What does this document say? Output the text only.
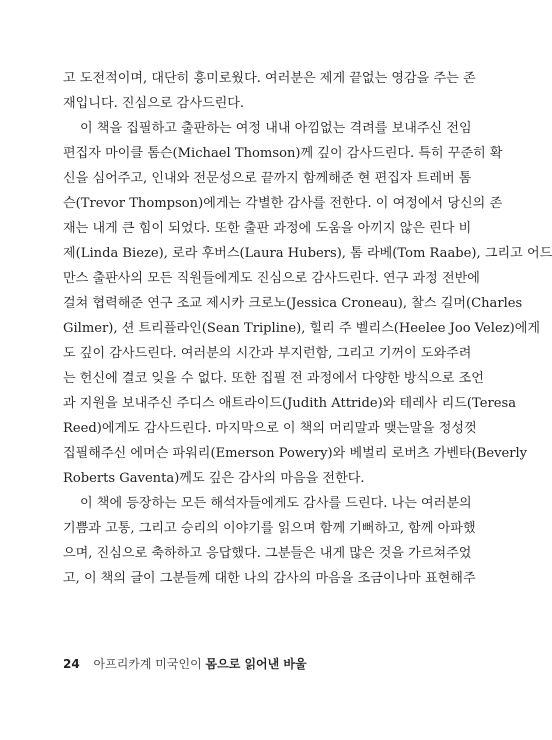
고 도전적이며, 대단히 흥미로웠다. 여러분은 제게 끝없는 영감을 주는 존
재입니다. 진심으로 감사드린다.
이 책을 집필하고 출판하는 여정 내내 아낌없는 격려를 보내주신 전임
편집자 마이클 톰슨(Michael Thomson)께 깊이 감사드린다. 특히 꾸준히 확
신을 심어주고, 인내와 전문성으로 끝까지 함께해준 현 편집자 트레버 톰
슨(Trevor Thompson)에게는 각별한 감사를 전한다. 이 여정에서 당신의 존
재는 내게 큰 힘이 되었다. 또한 출판 과정에 도움을 아끼지 않은 린다 비
제(Linda Bieze), 로라 후버스(Laura Hubers), 톰 라베(Tom Raabe), 그리고 어드
만스 출판사의 모든 직원들에게도 진심으로 감사드린다. 연구 과정 전반에
걸쳐 협력해준 연구 조교 제시카 크로노(Jessica Croneau), 찰스 길머(Charles
Gilmer), 션 트리플라인(Sean Tripline), 힐리 주 벨리스(Heelee Joo Velez)에게
도 깊이 감사드린다. 여러분의 시간과 부지런함, 그리고 기꺼이 도와주려
는 헌신에 결코 잊을 수 없다. 또한 집필 전 과정에서 다양한 방식으로 조언
과 지원을 보내주신 주디스 애트라이드(Judith Attride)와 테레사 리드(Teresa
Reed)에게도 감사드린다. 마지막으로 이 책의 머리말과 맺는말을 정성껏
집필해주신 에머슨 파워리(Emerson Powery)와 베벌리 로버츠 가벤타(Beverly
Roberts Gaventa)께도 깊은 감사의 마음을 전한다.
이 책에 등장하는 모든 해석자들에게도 감사를 드린다. 나는 여러분의
기쁨과 고통, 그리고 승리의 이야기를 읽으며 함께 기뻐하고, 함께 아파했
으며, 진심으로 축하하고 응답했다. 그분들은 내게 많은 것을 가르쳐주었
고, 이 책의 글이 그분들께 대한 나의 감사의 마음을 조금이나마 표현해주
24 아프리카계 미국인이 몸으로 읽어낸 바울
